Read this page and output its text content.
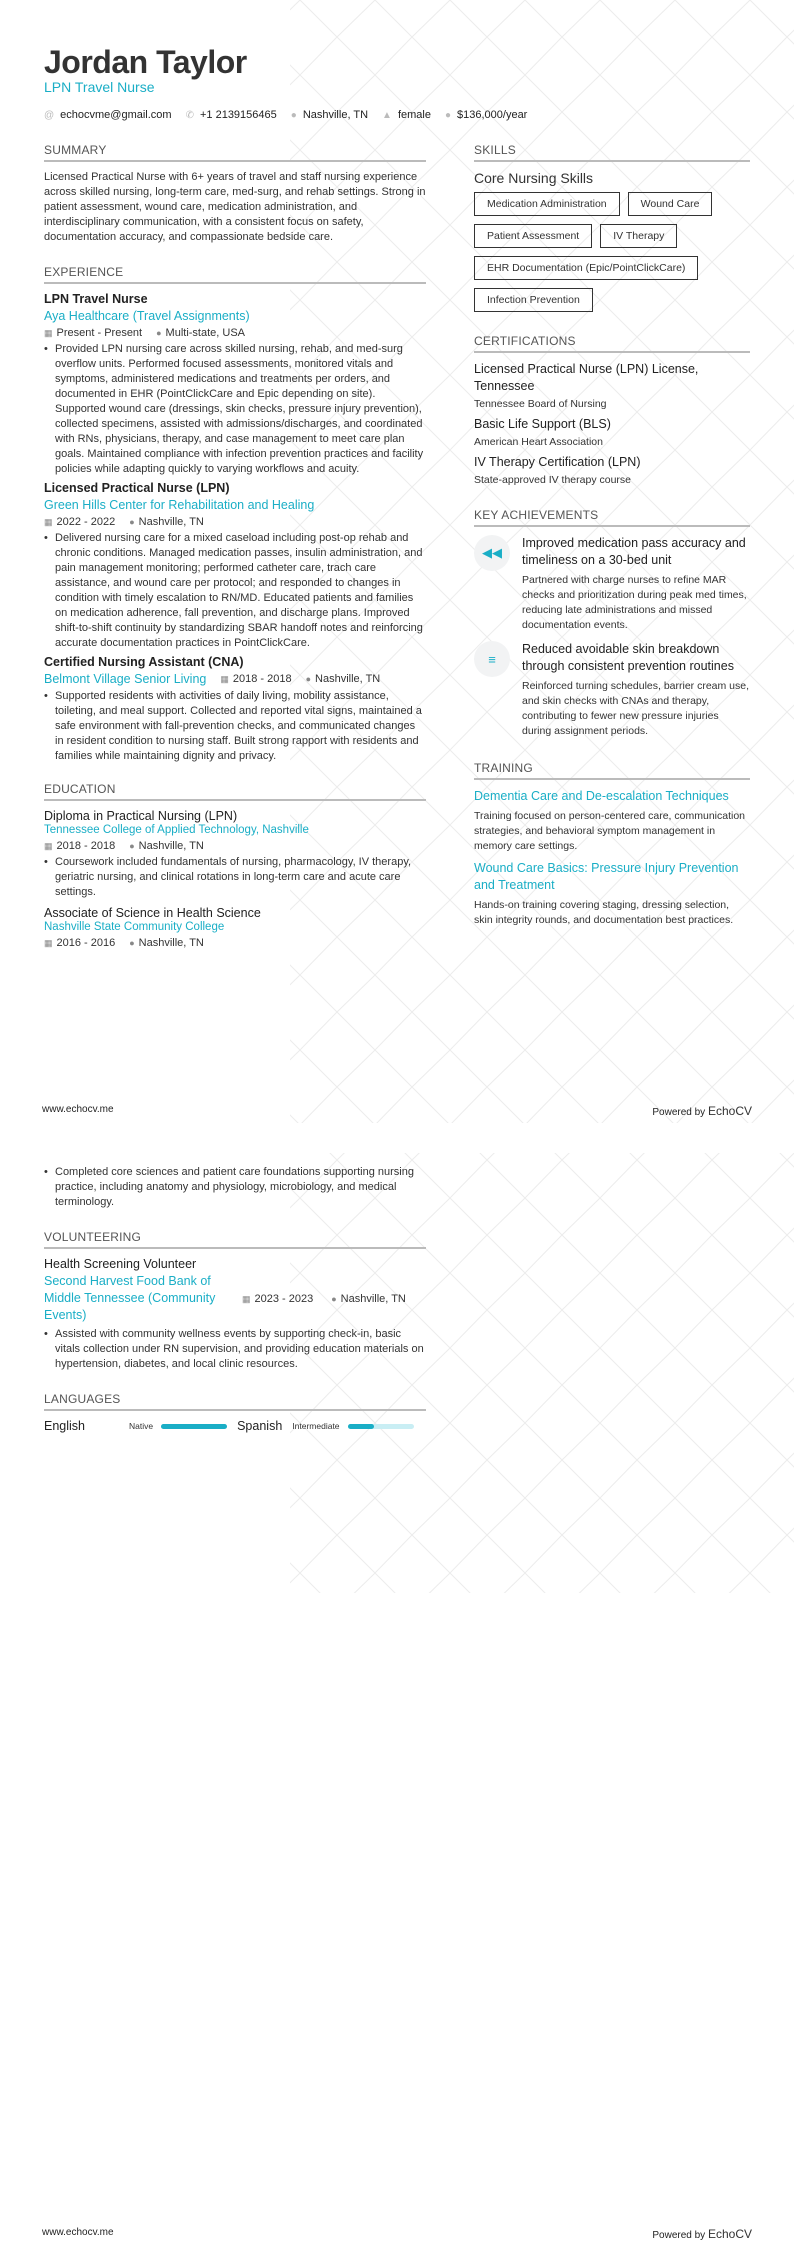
Jordan Taylor
LPN Travel Nurse
@ echocvme@gmail.com ✆ +1 2139156465 ● Nashville, TN ▲ female ● $136,000/year
SUMMARY
Licensed Practical Nurse with 6+ years of travel and staff nursing experience across skilled nursing, long-term care, med-surg, and rehab settings. Strong in patient assessment, wound care, medication administration, and interdisciplinary communication, with a consistent focus on safety, documentation accuracy, and compassionate bedside care.
EXPERIENCE
LPN Travel Nurse
Aya Healthcare (Travel Assignments)
▦ Present - Present ● Multi-state, USA
• Provided LPN nursing care across skilled nursing, rehab, and med-surg overflow units. Performed focused assessments, monitored vitals and symptoms, administered medications and treatments per orders, and documented in EHR (PointClickCare and Epic depending on site). Supported wound care (dressings, skin checks, pressure injury prevention), collected specimens, assisted with admissions/discharges, and coordinated with RNs, physicians, therapy, and case management to meet care plan goals. Maintained compliance with infection prevention practices and facility policies while adapting quickly to varying workflows and acuity.
Licensed Practical Nurse (LPN)
Green Hills Center for Rehabilitation and Healing
▦ 2022 - 2022 ● Nashville, TN
• Delivered nursing care for a mixed caseload including post-op rehab and chronic conditions. Managed medication passes, insulin administration, and pain management monitoring; performed catheter care, trach care assistance, and wound care per protocol; and responded to changes in condition with timely escalation to RN/MD. Educated patients and families on medication adherence, fall prevention, and discharge plans. Improved shift-to-shift continuity by standardizing SBAR handoff notes and reinforcing accurate documentation practices in PointClickCare.
Certified Nursing Assistant (CNA)
Belmont Village Senior Living ▦ 2018 - 2018 ● Nashville, TN
• Supported residents with activities of daily living, mobility assistance, toileting, and meal support. Collected and reported vital signs, maintained a safe environment with fall-prevention checks, and communicated changes in resident condition to nursing staff. Built strong rapport with residents and families while maintaining dignity and privacy.
EDUCATION
Diploma in Practical Nursing (LPN)
Tennessee College of Applied Technology, Nashville
▦ 2018 - 2018 ● Nashville, TN
• Coursework included fundamentals of nursing, pharmacology, IV therapy, geriatric nursing, and clinical rotations in long-term care and acute care settings.
Associate of Science in Health Science
Nashville State Community College
▦ 2016 - 2016 ● Nashville, TN
SKILLS
Core Nursing Skills
Medication Administration	Wound Care
Patient Assessment	IV Therapy
EHR Documentation (Epic/PointClickCare)
Infection Prevention
CERTIFICATIONS
Licensed Practical Nurse (LPN) License, Tennessee
Tennessee Board of Nursing
Basic Life Support (BLS)
American Heart Association
IV Therapy Certification (LPN)
State-approved IV therapy course
KEY ACHIEVEMENTS
◀◀
Improved medication pass accuracy and timeliness on a 30-bed unit
Partnered with charge nurses to refine MAR checks and prioritization during peak med times, reducing late administrations and missed documentation events.
≡
Reduced avoidable skin breakdown through consistent prevention routines
Reinforced turning schedules, barrier cream use, and skin checks with CNAs and therapy, contributing to fewer new pressure injuries during assignment periods.
TRAINING
Dementia Care and De-escalation Techniques
Training focused on person-centered care, communication strategies, and behavioral symptom management in memory care settings.
Wound Care Basics: Pressure Injury Prevention and Treatment
Hands-on training covering staging, dressing selection, skin integrity rounds, and documentation best practices.
www.echocv.me	Powered by EchoCV
• Completed core sciences and patient care foundations supporting nursing practice, including anatomy and physiology, microbiology, and medical terminology.
VOLUNTEERING
Health Screening Volunteer
Second Harvest Food Bank of Middle Tennessee (Community Events)
▦ 2023 - 2023 ● Nashville, TN
• Assisted with community wellness events by supporting check-in, basic vitals collection under RN supervision, and providing education materials on hypertension, diabetes, and local clinic resources.
LANGUAGES
English	Native	Spanish Intermediate
www.echocv.me	Powered by EchoCV
